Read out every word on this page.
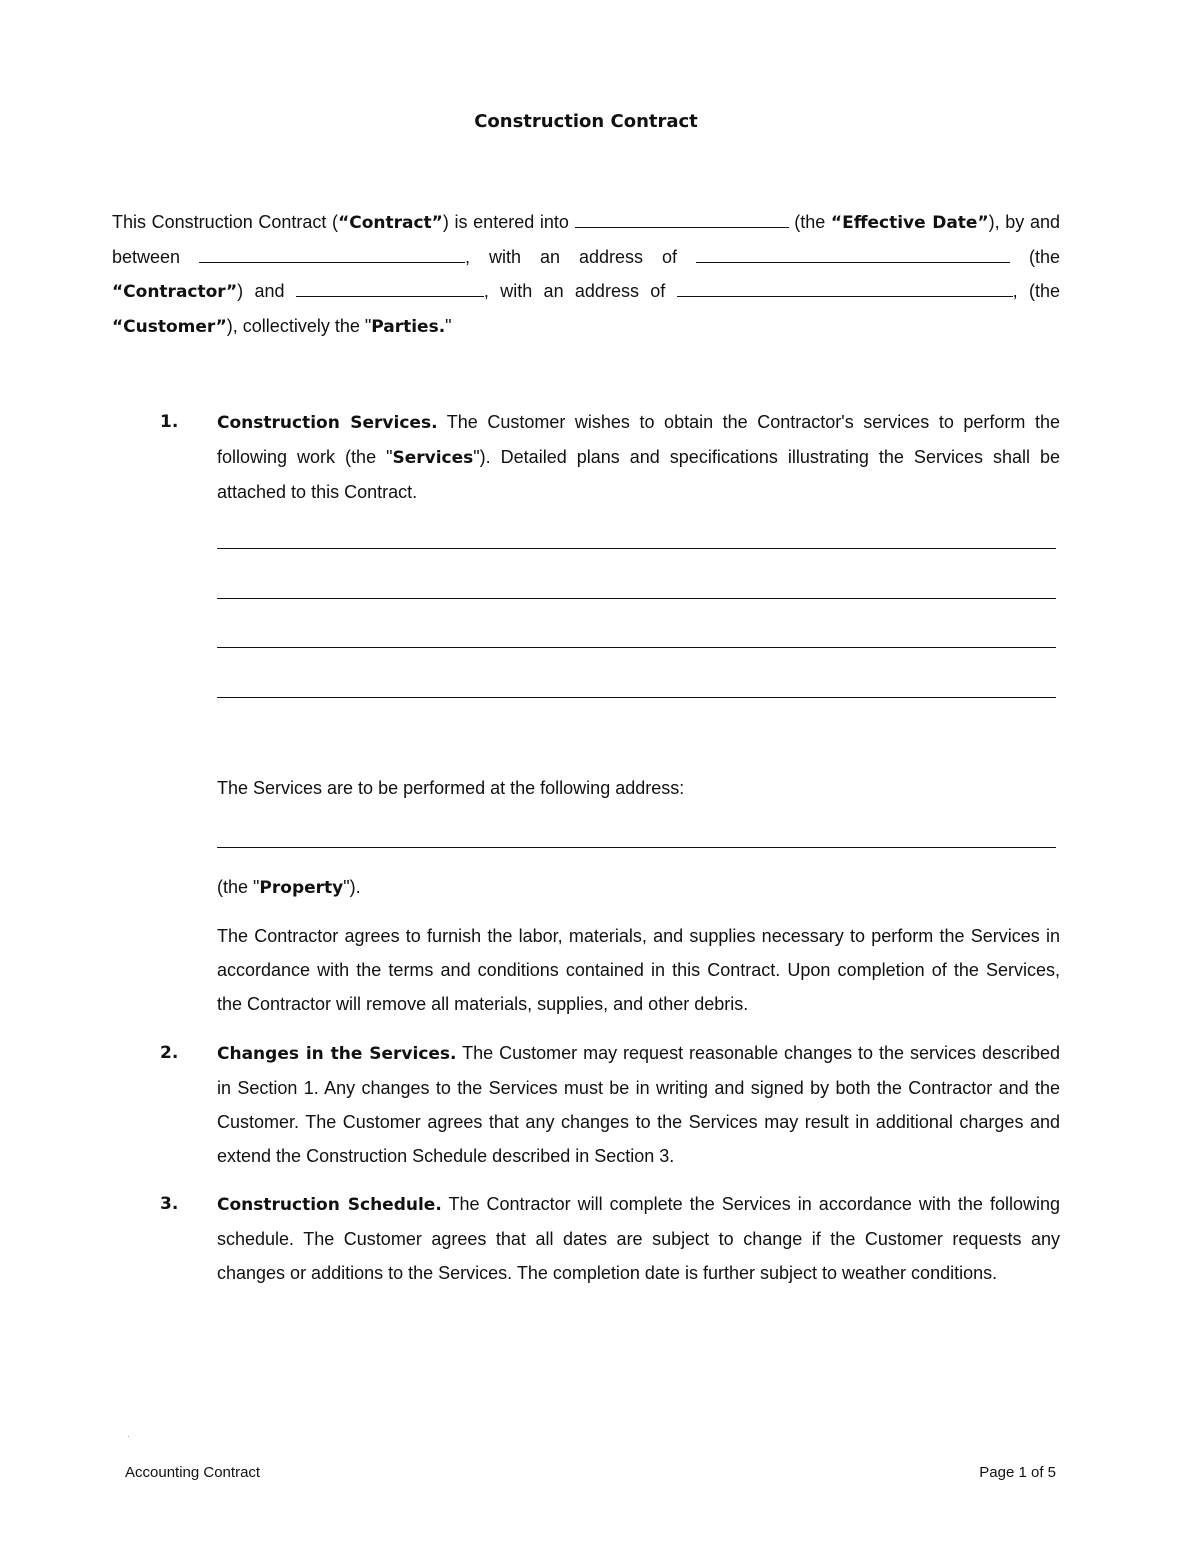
Construction Contract
This Construction Contract (“Contract”) is entered into	(the “Effective Date”), by and between	, with an address of	(the “Contractor”) and	, with an address of	, (the “Customer”), collectively the "Parties."
1. Construction Services. The Customer wishes to obtain the Contractor's services to perform the following work (the "Services"). Detailed plans and specifications illustrating the Services shall be attached to this Contract.
The Services are to be performed at the following address:
(the "Property").
The Contractor agrees to furnish the labor, materials, and supplies necessary to perform the Services in accordance with the terms and conditions contained in this Contract. Upon completion of the Services, the Contractor will remove all materials, supplies, and other debris.
2. Changes in the Services. The Customer may request reasonable changes to the services described in Section 1. Any changes to the Services must be in writing and signed by both the Contractor and the Customer. The Customer agrees that any changes to the Services may result in additional charges and extend the Construction Schedule described in Section 3.
3. Construction Schedule. The Contractor will complete the Services in accordance with the following schedule. The Customer agrees that all dates are subject to change if the Customer requests any changes or additions to the Services. The completion date is further subject to weather conditions.
·
Accounting Contract	Page 1 of 5
